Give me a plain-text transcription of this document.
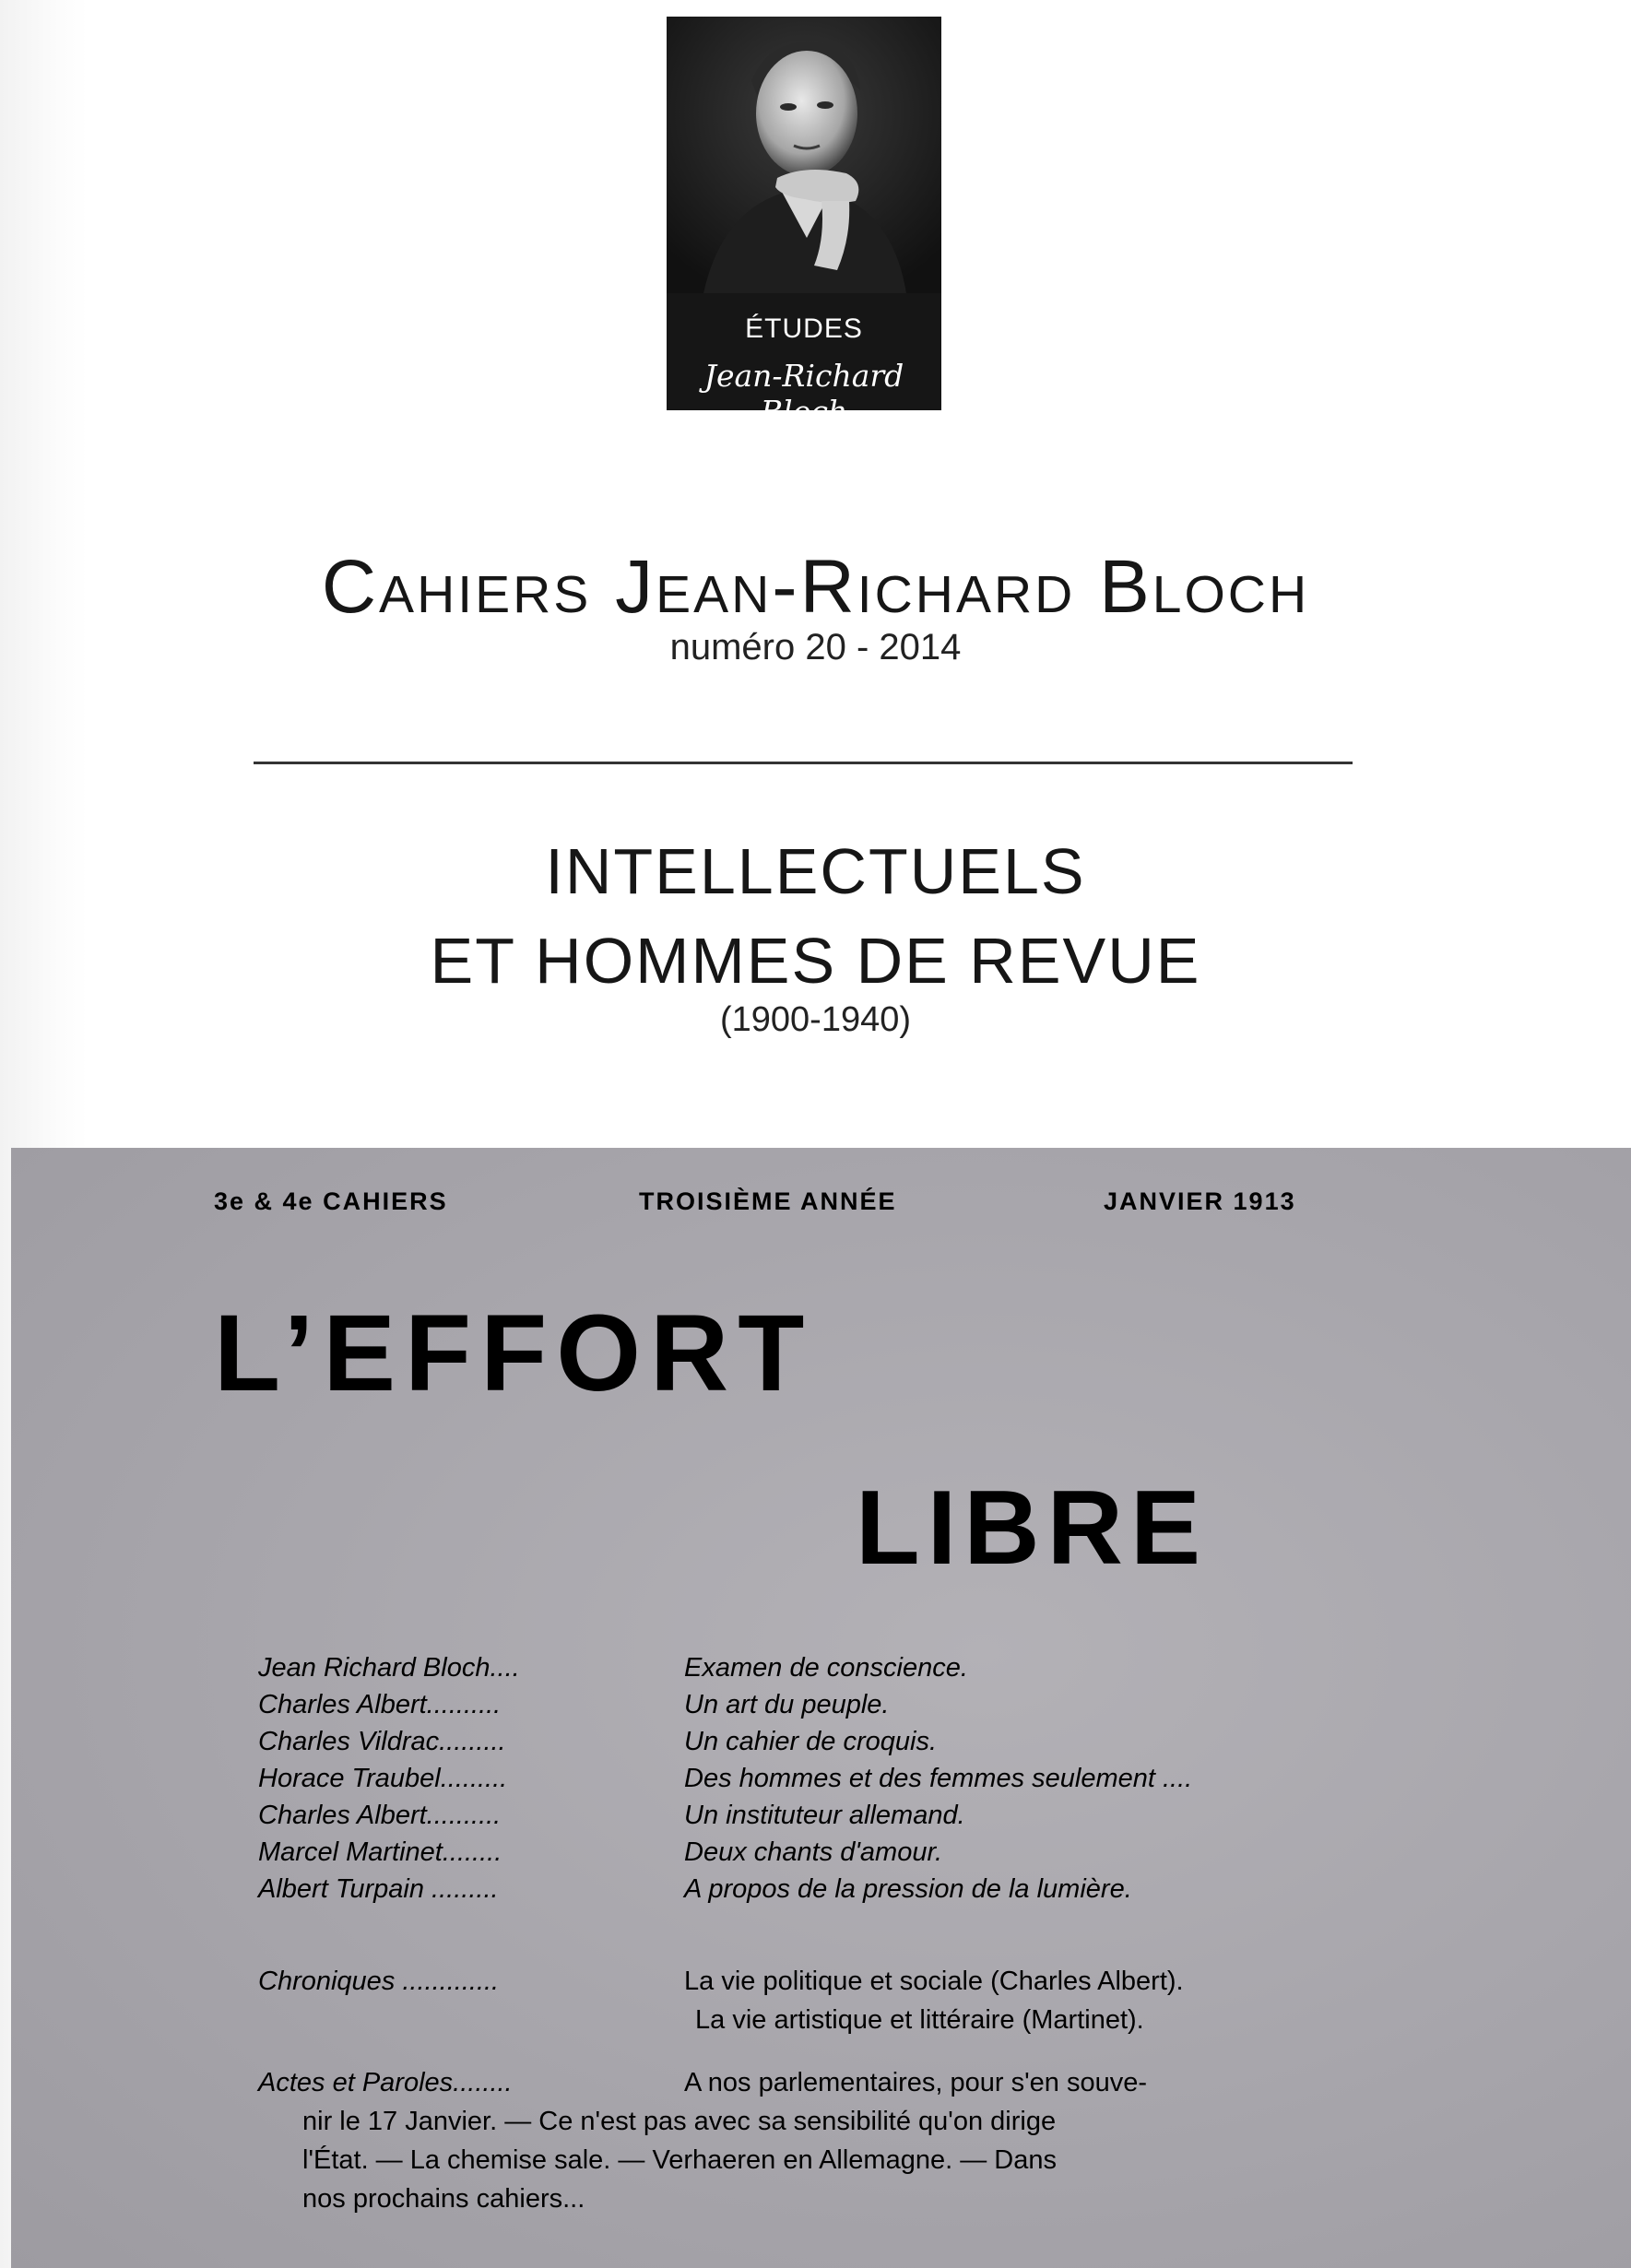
ÉTUDES
Jean-Richard Bloch
Cahiers Jean-Richard Bloch
numéro 20 - 2014
INTELLECTUELS
ET HOMMES DE REVUE
(1900-1940)
3e & 4e CAHIERS	TROISIÈME ANNÉE	JANVIER 1913
L’EFFORT
LIBRE
Jean Richard Bloch....	Examen de conscience.
Charles Albert..........	Un art du peuple.
Charles Vildrac.........	Un cahier de croquis.
Horace Traubel.........	Des hommes et des femmes seulement ....
Charles Albert..........	Un instituteur allemand.
Marcel Martinet........	Deux chants d'amour.
Albert Turpain .........	A propos de la pression de la lumière.
Chroniques .............	La vie politique et sociale (Charles Albert).
La vie artistique et littéraire (Martinet).
Actes et Paroles........	A nos parlementaires, pour s'en souve-
nir le 17 Janvier. — Ce n'est pas avec sa sensibilité qu'on dirige
l'État. — La chemise sale. — Verhaeren en Allemagne. — Dans
nos prochains cahiers...
